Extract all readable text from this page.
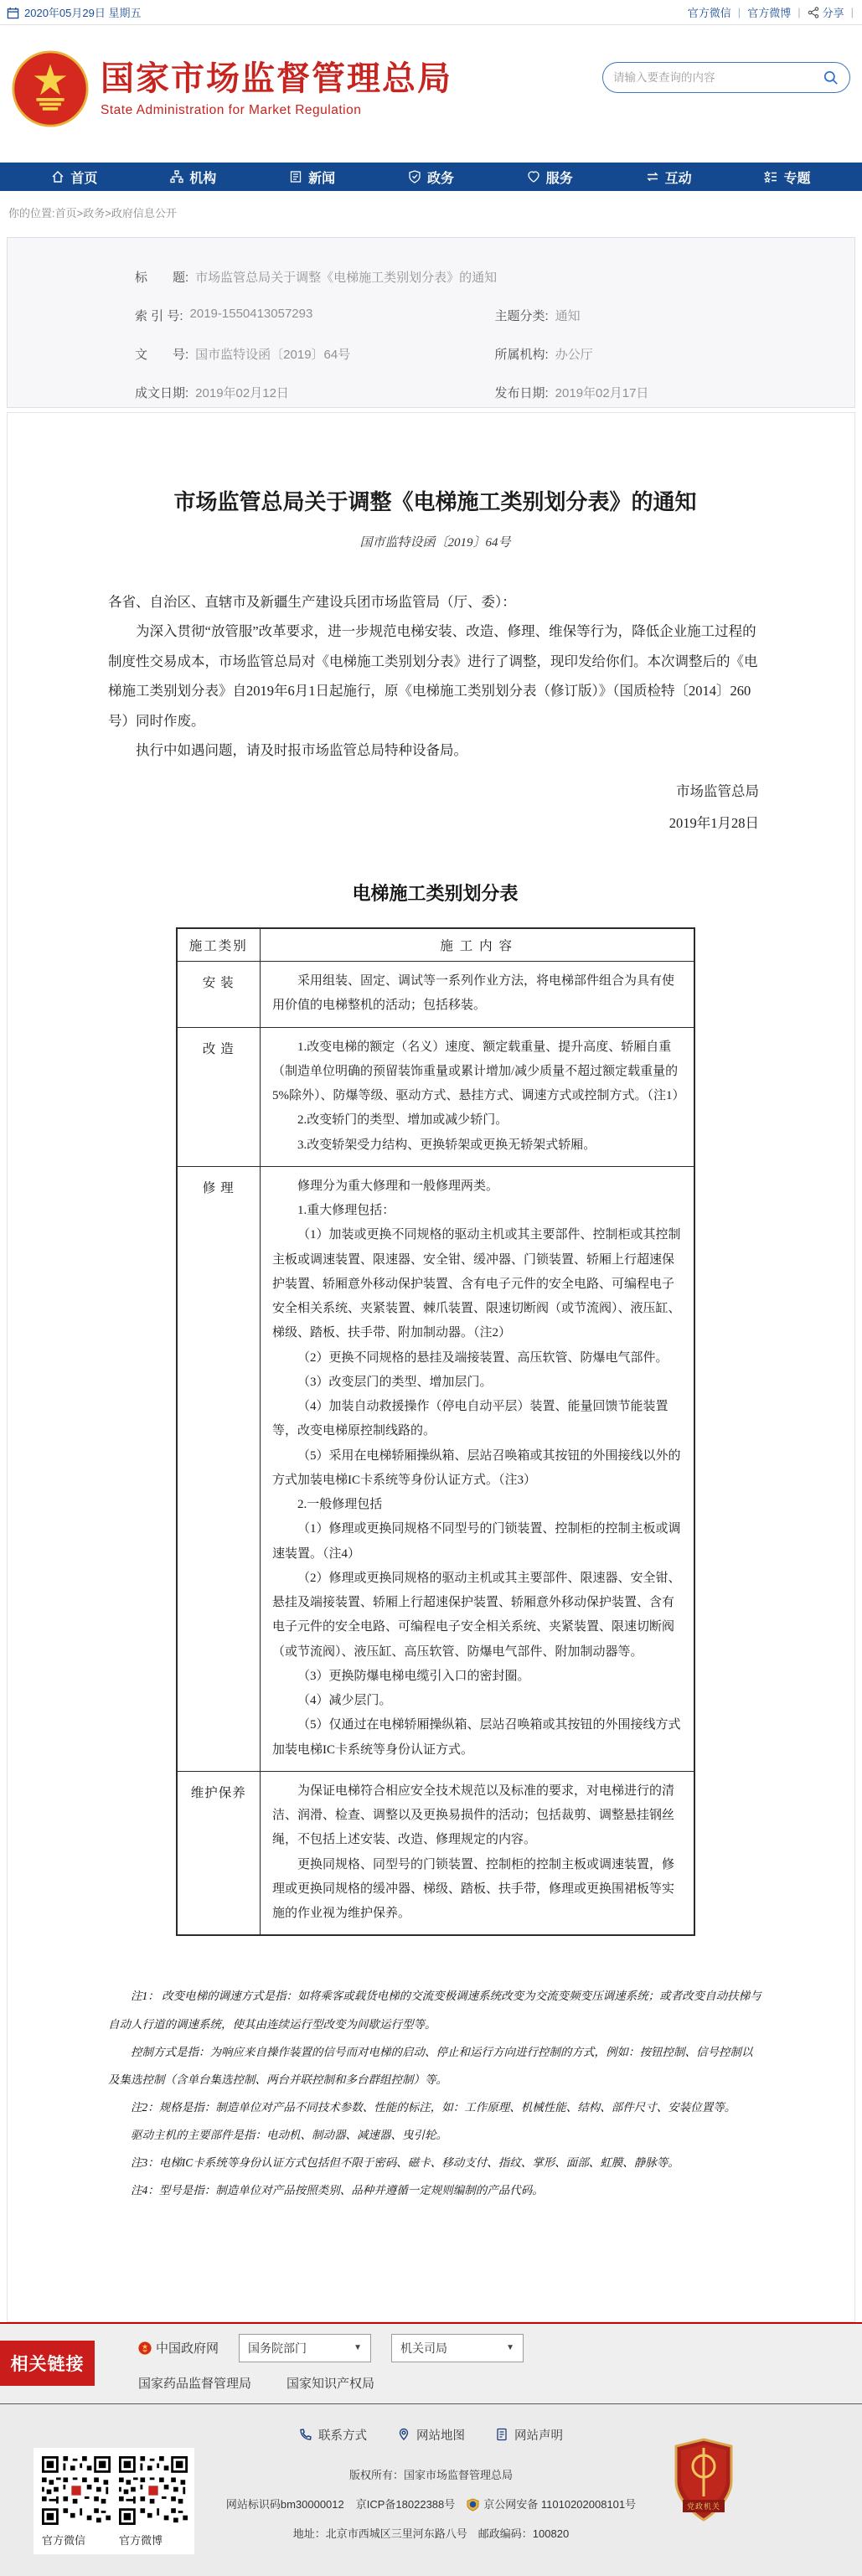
2020年05月29日 星期五	官方微信 | 官方微博 | 分享 |
国家市场监督管理总局
State Administration for Market Regulation
请输入要查询的内容
首页	机构	新闻	政务	服务	互动	专题
你的位置:首页>政务>政府信息公开
标　　题: 市场监管总局关于调整《电梯施工类别划分表》的通知
索 引 号: 2019-1550413057293	主题分类: 通知
文　　号: 国市监特设函〔2019〕64号	所属机构: 办公厅
成文日期: 2019年02月12日	发布日期: 2019年02月17日
市场监管总局关于调整《电梯施工类别划分表》的通知
国市监特设函〔2019〕64号

各省、自治区、直辖市及新疆生产建设兵团市场监管局（厅、委）：

为深入贯彻“放管服”改革要求，进一步规范电梯安装、改造、修理、维保等行为，降低企业施工过程的制度性交易成本，市场监管总局对《电梯施工类别划分表》进行了调整，现印发给你们。本次调整后的《电梯施工类别划分表》自2019年6月1日起施行，原《电梯施工类别划分表（修订版）》（国质检特〔2014〕260号）同时作废。

执行中如遇问题，请及时报市场监管总局特种设备局。

市场监管总局
2019年1月28日
电梯施工类别划分表
施工类别	施 工 内 容
安 装	采用组装、固定、调试等一系列作业方法，将电梯部件组合为具有使用价值的电梯整机的活动；包括移装。

改 造	1.改变电梯的额定（名义）速度、额定载重量、提升高度、轿厢自重（制造单位明确的预留装饰重量或累计增加/减少质量不超过额定载重量的5%除外）、防爆等级、驱动方式、悬挂方式、调速方式或控制方式。（注1）

2.改变轿门的类型、增加或减少轿门。

3.改变轿架受力结构、更换轿架或更换无轿架式轿厢。

修 理	修理分为重大修理和一般修理两类。

1.重大修理包括：

（1）加装或更换不同规格的驱动主机或其主要部件、控制柜或其控制主板或调速装置、限速器、安全钳、缓冲器、门锁装置、轿厢上行超速保护装置、轿厢意外移动保护装置、含有电子元件的安全电路、可编程电子安全相关系统、夹紧装置、棘爪装置、限速切断阀（或节流阀）、液压缸、梯级、踏板、扶手带、附加制动器。（注2）

（2）更换不同规格的悬挂及端接装置、高压软管、防爆电气部件。

（3）改变层门的类型、增加层门。

（4）加装自动救援操作（停电自动平层）装置、能量回馈节能装置等，改变电梯原控制线路的。

（5）采用在电梯轿厢操纵箱、层站召唤箱或其按钮的外围接线以外的方式加装电梯IC卡系统等身份认证方式。（注3）

2.一般修理包括

（1）修理或更换同规格不同型号的门锁装置、控制柜的控制主板或调速装置。（注4）

（2）修理或更换同规格的驱动主机或其主要部件、限速器、安全钳、悬挂及端接装置、轿厢上行超速保护装置、轿厢意外移动保护装置、含有电子元件的安全电路、可编程电子安全相关系统、夹紧装置、限速切断阀（或节流阀）、液压缸、高压软管、防爆电气部件、附加制动器等。

（3）更换防爆电梯电缆引入口的密封圈。

（4）减少层门。

（5）仅通过在电梯轿厢操纵箱、层站召唤箱或其按钮的外围接线方式加装电梯IC卡系统等身份认证方式。

维护保养	为保证电梯符合相应安全技术规范以及标准的要求，对电梯进行的清洁、润滑、检查、调整以及更换易损件的活动；包括裁剪、调整悬挂钢丝绳，不包括上述安装、改造、修理规定的内容。

更换同规格、同型号的门锁装置、控制柜的控制主板或调速装置，修理或更换同规格的缓冲器、梯级、踏板、扶手带，修理或更换围裙板等实施的作业视为维护保养。

注1： 改变电梯的调速方式是指：如将乘客或载货电梯的交流变极调速系统改变为交流变频变压调速系统；或者改变自动扶梯与自动人行道的调速系统，使其由连续运行型改变为间歇运行型等。

控制方式是指：为响应来自操作装置的信号而对电梯的启动、停止和运行方向进行控制的方式，例如：按钮控制、信号控制以及集选控制（含单台集选控制、两台并联控制和多台群组控制）等。

注2：规格是指：制造单位对产品不同技术参数、性能的标注，如：工作原理、机械性能、结构、部件尺寸、安装位置等。

驱动主机的主要部件是指：电动机、制动器、减速器、曳引轮。

注3：电梯IC卡系统等身份认证方式包括但不限于密码、磁卡、移动支付、指纹、掌形、面部、虹膜、静脉等。

注4：型号是指：制造单位对产品按照类别、品种并遵循一定规则编制的产品代码。

相关链接
中国政府网	国务院部门	▼	机关司局	▼
国家药品监督管理局	国家知识产权局
联系方式	网站地图	网站声明
官方微信	官方微博
版权所有：国家市场监督管理总局
网站标识码bm30000012 京ICP备18022388号	京公网安备 11010202008101号
地址：北京市西城区三里河东路八号　邮政编码：100820
党政机关
